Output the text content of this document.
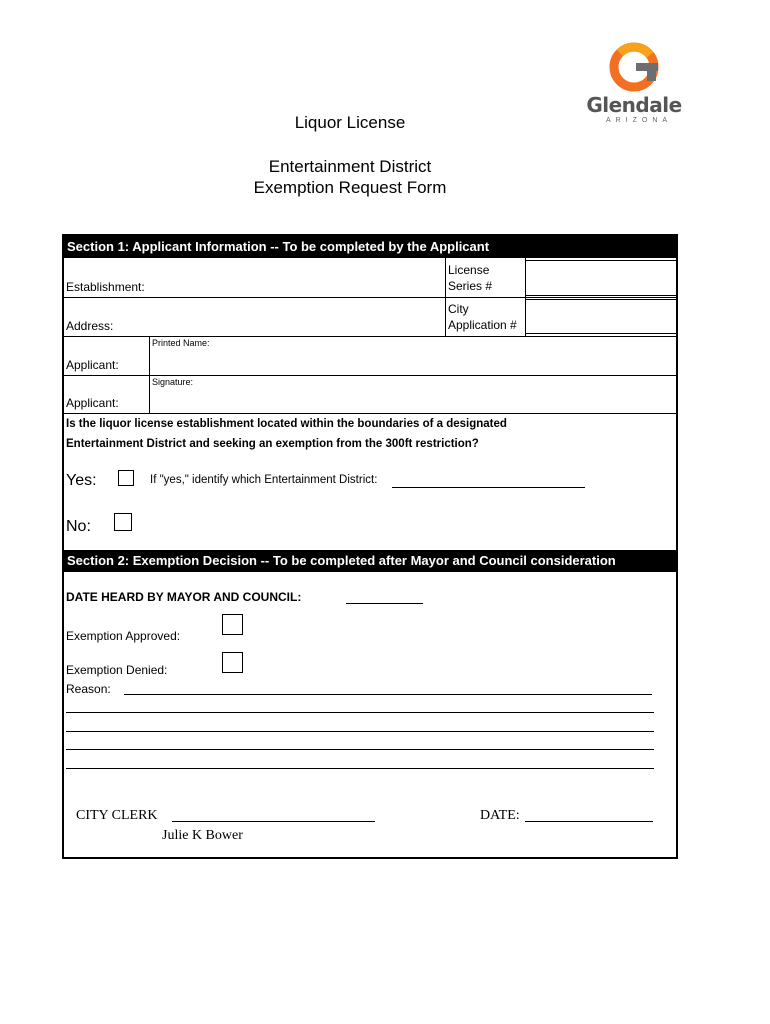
Glendale
ARIZONA
Liquor License
Entertainment District
Exemption Request Form
Section 1: Applicant Information -- To be completed by the Applicant
Establishment:
License
Series #
Address:
City
Application #
Applicant:
Printed Name:
Applicant:
Signature:
Is the liquor license establishment located within the boundaries of a designated
Entertainment District and seeking an exemption from the 300ft restriction?
Yes:	If "yes," identify which Entertainment District:
No:
Section 2: Exemption Decision -- To be completed after Mayor and Council consideration
DATE HEARD BY MAYOR AND COUNCIL:
Exemption Approved:
Exemption Denied:
Reason:
CITY CLERK
Julie K Bower
DATE:
